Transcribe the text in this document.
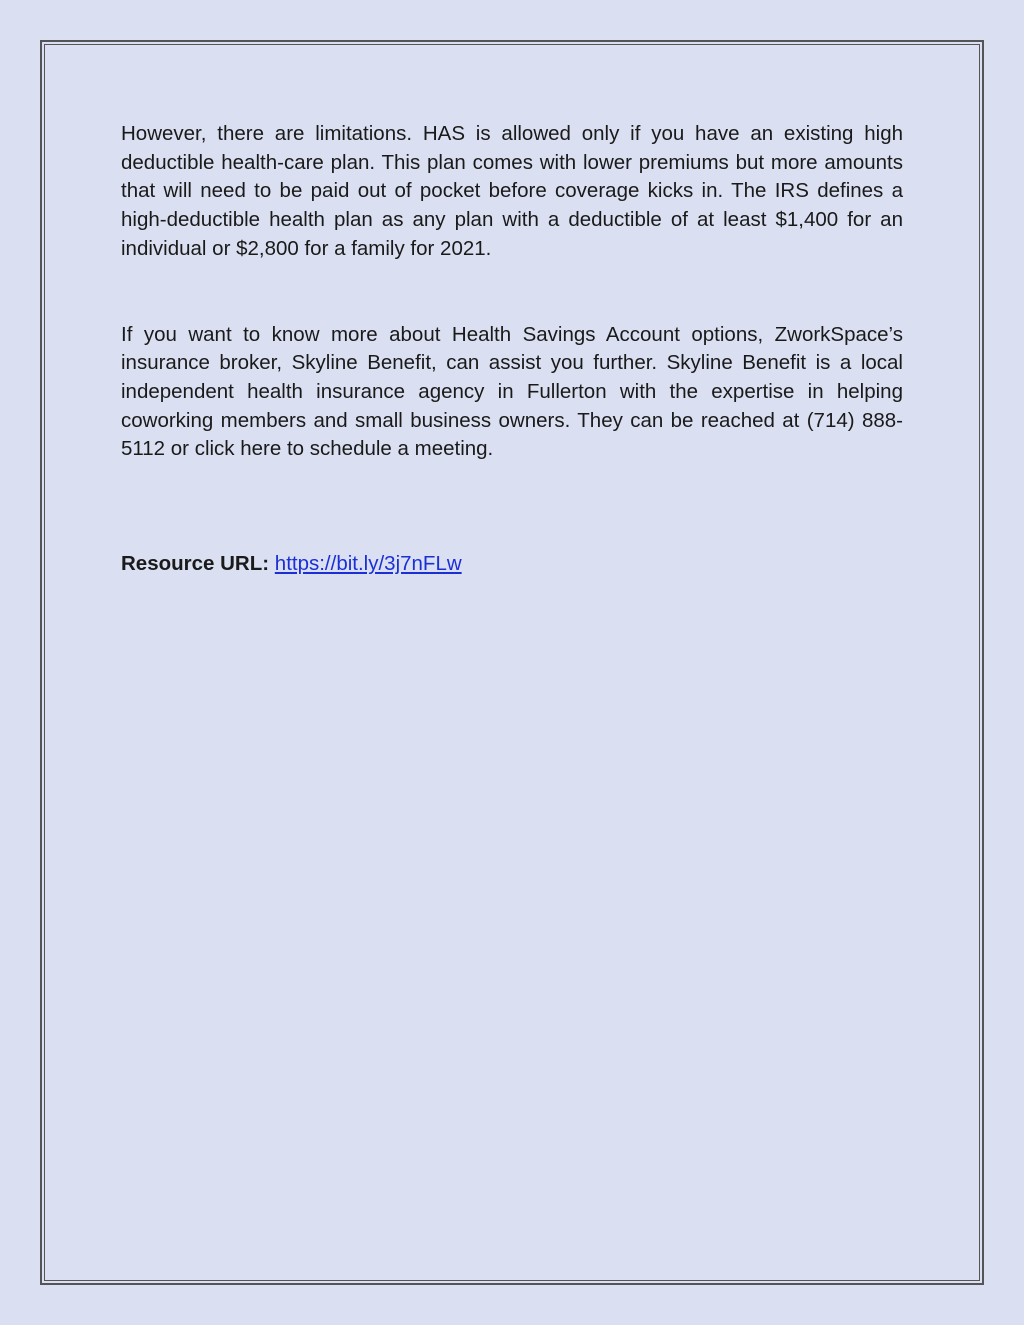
However, there are limitations. HAS is allowed only if you have an existing high deductible health-care plan. This plan comes with lower premiums but more amounts that will need to be paid out of pocket before coverage kicks in. The IRS defines a high-deductible health plan as any plan with a deductible of at least $1,400 for an individual or $2,800 for a family for 2021.

If you want to know more about Health Savings Account options, ZworkSpace’s insurance broker, Skyline Benefit, can assist you further. Skyline Benefit is a local independent health insurance agency in Fullerton with the expertise in helping coworking members and small business owners. They can be reached at (714) 888-5112 or click here to schedule a meeting.

Resource URL: https://bit.ly/3j7nFLw
